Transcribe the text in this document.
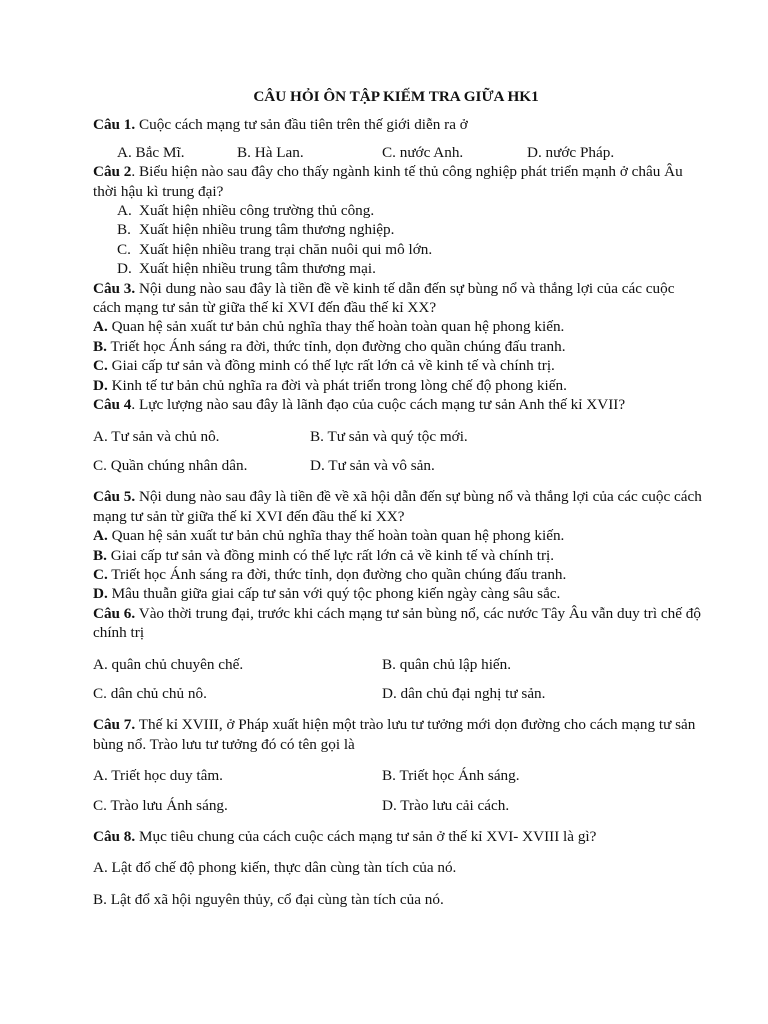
CÂU HỎI ÔN TẬP KIẾM TRA GIỮA HK1

Câu 1. Cuộc cách mạng tư sản đầu tiên trên thế giới diễn ra ở

A. Bắc Mĩ.	B. Hà Lan.	C. nước Anh.	D. nước Pháp.

Câu 2. Biểu hiện nào sau đây cho thấy ngành kinh tế thủ công nghiệp phát triển mạnh ở châu Âu thời hậu kì trung đại?

A. Xuất hiện nhiều công trường thủ công.
B. Xuất hiện nhiều trung tâm thương nghiệp.
C. Xuất hiện nhiều trang trại chăn nuôi qui mô lớn.
D. Xuất hiện nhiều trung tâm thương mại.

Câu 3. Nội dung nào sau đây là tiền đề về kinh tế dẫn đến sự bùng nổ và thắng lợi của các cuộc cách mạng tư sản từ giữa thế kỉ XVI đến đầu thế kỉ XX?

A. Quan hệ sản xuất tư bản chủ nghĩa thay thế hoàn toàn quan hệ phong kiến.

B. Triết học Ánh sáng ra đời, thức tỉnh, dọn đường cho quần chúng đấu tranh.

C. Giai cấp tư sản và đồng minh có thế lực rất lớn cả về kinh tế và chính trị.

D. Kinh tế tư bản chủ nghĩa ra đời và phát triển trong lòng chế độ phong kiến.

Câu 4. Lực lượng nào sau đây là lãnh đạo của cuộc cách mạng tư sản Anh thế kỉ XVII?

A. Tư sản và chủ nô.	B. Tư sản và quý tộc mới.
C. Quần chúng nhân dân.	D. Tư sản và vô sản.

Câu 5. Nội dung nào sau đây là tiền đề về xã hội dẫn đến sự bùng nổ và thắng lợi của các cuộc cách mạng tư sản từ giữa thế kỉ XVI đến đầu thế kỉ XX?

A. Quan hệ sản xuất tư bản chủ nghĩa thay thế hoàn toàn quan hệ phong kiến.

B. Giai cấp tư sản và đồng minh có thế lực rất lớn cả về kinh tế và chính trị.

C. Triết học Ánh sáng ra đời, thức tỉnh, dọn đường cho quần chúng đấu tranh.

D. Mâu thuẫn giữa giai cấp tư sản với quý tộc phong kiến ngày càng sâu sắc.

Câu 6. Vào thời trung đại, trước khi cách mạng tư sản bùng nổ, các nước Tây Âu vẫn duy trì chế độ chính trị

A. quân chủ chuyên chế.	B. quân chủ lập hiến.
C. dân chủ chủ nô.	D. dân chủ đại nghị tư sản.

Câu 7. Thế kỉ XVIII, ở Pháp xuất hiện một trào lưu tư tưởng mới dọn đường cho cách mạng tư sản bùng nổ. Trào lưu tư tưởng đó có tên gọi là

A. Triết học duy tâm.	B. Triết học Ánh sáng.
C. Trào lưu Ánh sáng.	D. Trào lưu cải cách.

Câu 8. Mục tiêu chung của cách cuộc cách mạng tư sản ở thế kỉ XVI- XVIII là gì?

A. Lật đổ chế độ phong kiến, thực dân cùng tàn tích của nó.

B. Lật đổ xã hội nguyên thủy, cổ đại cùng tàn tích của nó.
